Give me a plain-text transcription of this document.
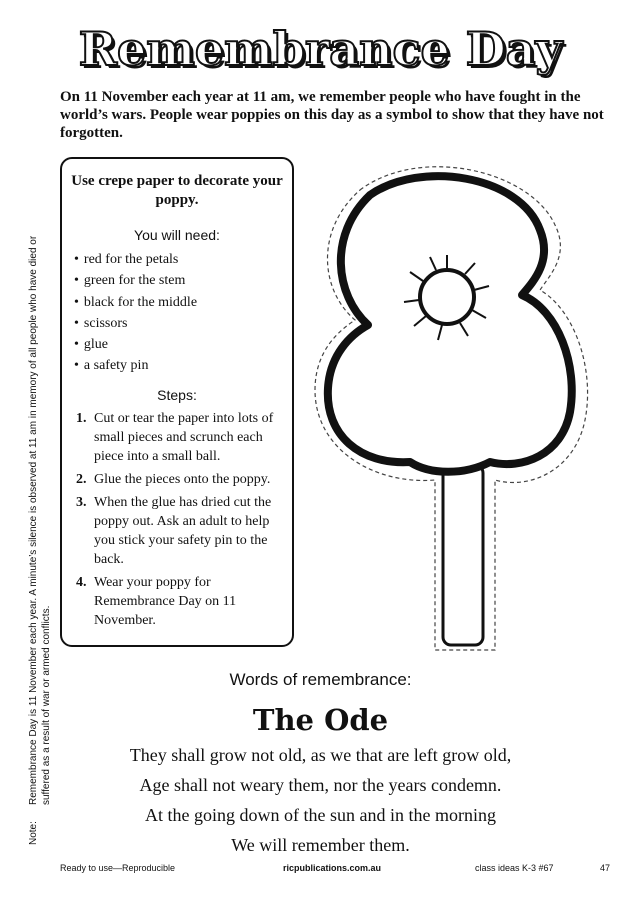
Remembrance Day
On 11 November each year at 11 am, we remember people who have fought in the world’s wars. People wear poppies on this day as a symbol to show that they have not forgotten.
Note:
Remembrance Day is 11 November each year. A minute’s silence is observed at 11 am in memory of all people who have died or suffered as a result of war or armed conflicts.
Use crepe paper to decorate your poppy.
You will need:
• red for the petals
• green for the stem
• black for the middle
• scissors
• glue
• a safety pin
Steps:
1. Cut or tear the paper into lots of small pieces and scrunch each piece into a small ball.
2. Glue the pieces onto the poppy.
3. When the glue has dried cut the poppy out. Ask an adult to help you stick your safety pin to the back.
4. Wear your poppy for Remembrance Day on 11 November.
Words of remembrance:
The Ode
They shall grow not old, as we that are left grow old,
Age shall not weary them, nor the years condemn.
At the going down of the sun and in the morning
We will remember them.
Ready to use—Reproducible	ricpublications.com.au	class ideas K-3 #67	47
